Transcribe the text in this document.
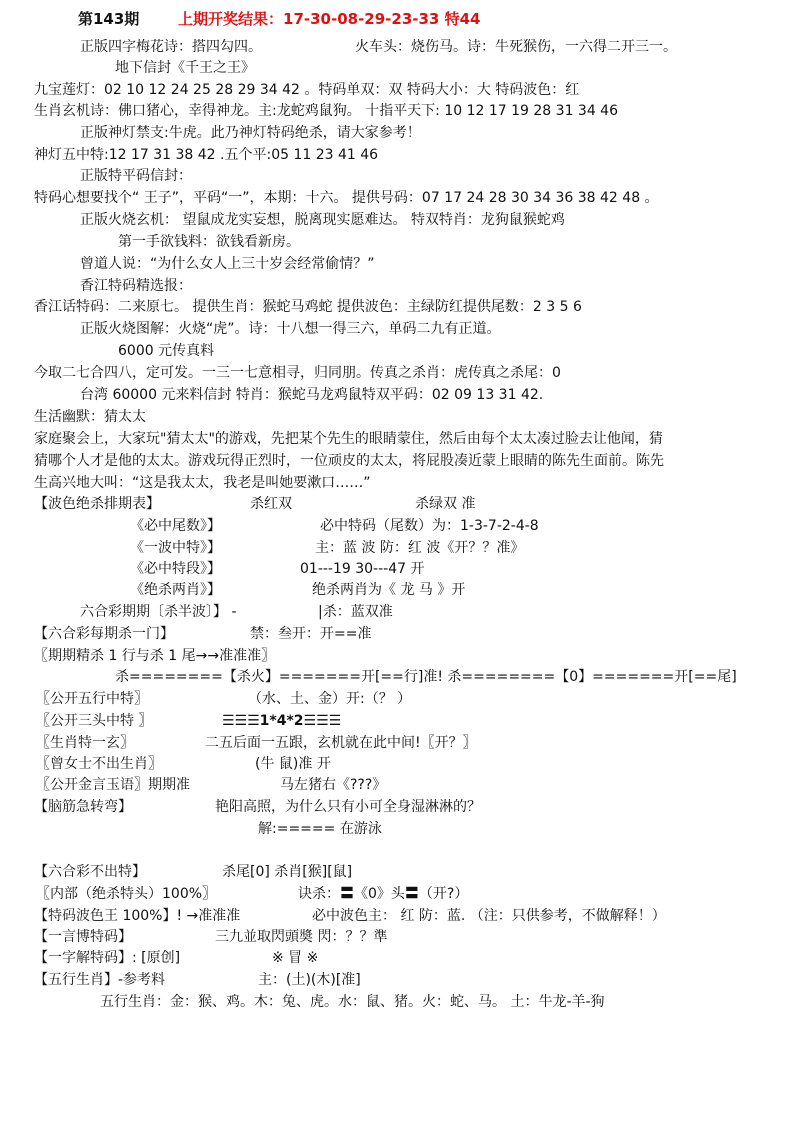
第143期	上期开奖结果：17-30-08-29-23-33 特44
正版四字梅花诗：搭四勾四。	火车头：烧伤马。诗：牛死猴伤，一六得二开三一。
地下信封《千王之王》
九宝莲灯：02 10 12 24 25 28 29 34 42 。特码单双：双 特码大小：大 特码波色：红
生肖玄机诗：佛口猪心，幸得神龙。主:龙蛇鸡鼠狗。 十指平天下: 10 12 17 19 28 31 34 46
正版神灯禁支:牛虎。此乃神灯特码绝杀，请大家参考！
神灯五中特:12 17 31 38 42 .五个平:05 11 23 41 46
正版特平码信封：
特码心想要找个“ 王子”，平码“一”，本期：十六。 提供号码：07 17 24 28 30 34 36 38 42 48 。
正版火烧玄机： 望鼠成龙实妄想，脱离现实愿难达。 特双特肖：龙狗鼠猴蛇鸡
第一手欲钱料：欲钱看新房。
曾道人说：“为什么女人上三十岁会经常偷情？”
香江特码精选报：
香江话特码：二来原七。 提供生肖：猴蛇马鸡蛇 提供波色：主绿防红提供尾数：2 3 5 6
正版火烧图解：火烧“虎”。诗：十八想一得三六，单码二九有正道。
6000 元传真料
今取二七合四八，定可发。一三一七意相寻，归同朋。传真之杀肖：虎传真之杀尾：0
台湾 60000 元来料信封 特肖：猴蛇马龙鸡鼠特双平码：02 09 13 31 42.
生活幽默：猜太太
家庭聚会上，大家玩"猜太太"的游戏，先把某个先生的眼睛蒙住，然后由每个太太凑过脸去让他闻，猜
猜哪个人才是他的太太。游戏玩得正烈时，一位顽皮的太太，将屁股凑近蒙上眼睛的陈先生面前。陈先
生高兴地大叫：“这是我太太，我老是叫她要漱口……”
【波色绝杀排期表】	杀红双	杀绿双 准
《必中尾数》】	必中特码（尾数）为：1-3-7-2-4-8
《一波中特》】	主：蓝 波 防：红 波《开？？准》
《必中特段》】	01---19 30---47 开
《绝杀两肖》】	绝杀两肖为《 龙 马 》开
六合彩期期〔杀半波〕】 -	|杀：蓝双准
【六合彩每期杀一门】	禁：叁开：开==准
〖期期精杀 1 行与杀 1 尾→→准准准〗
杀========【杀火】=======开[==行]准! 杀========【0】=======开[==尾]
〖公开五行中特〗	（水、土、金）开:（？ ）
〖公开三头中特 〗	☰☰☰1*4*2☰☰☰
〖生肖特一玄〗	二五后面一五跟，玄机就在此中间!〖开？〗
〖曾女士不出生肖〗	(牛 鼠)准 开
〖公开金言玉语〗期期准	马左猪右《???》
【脑筋急转弯】	艳阳高照，为什么只有小可全身湿淋淋的？
解:===== 在游泳
【六合彩不出特】	杀尾[0] 杀肖[猴][鼠]
〖内部（绝杀特头）100%〗	诀杀：〓《0》头〓（开?）
【特码波色王 100%】! →准准准	必中波色主： 红 防：蓝. （注：只供参考，不做解释！）
【一言博特码】	三九並取閃頭奬 閃：？？準
【一字解特码】: [原创]	※ 冒 ※
【五行生肖】-参考料	主：(土)(木)[准]
五行生肖：金：猴、鸡。木：兔、虎。水：鼠、猪。火：蛇、马。 土：牛龙-羊-狗
